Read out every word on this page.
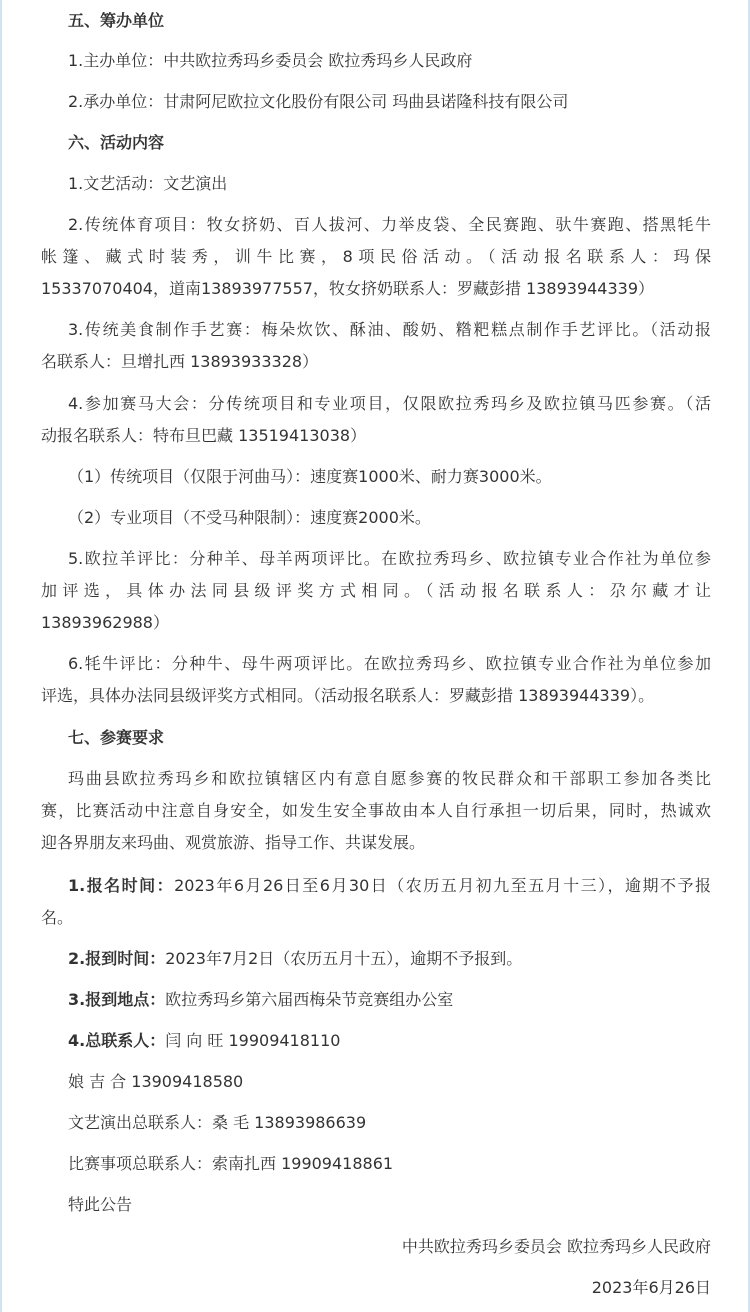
五、筹办单位
1.主办单位：中共欧拉秀玛乡委员会 欧拉秀玛乡人民政府
2.承办单位：甘肃阿尼欧拉文化股份有限公司 玛曲县诺隆科技有限公司
六、活动内容
1.文艺活动：文艺演出
2.传统体育项目：牧女挤奶、百人拔河、力举皮袋、全民赛跑、驮牛赛跑、搭黑牦牛
帐篷、藏式时装秀，训牛比赛，8项民俗活动。（活动报名联系人：玛保
15337070404，道南13893977557，牧女挤奶联系人：罗藏彭措 13893944339）
3.传统美食制作手艺赛：梅朵炊饮、酥油、酸奶、糌粑糕点制作手艺评比。（活动报
名联系人：旦增扎西 13893933328）
4.参加赛马大会：分传统项目和专业项目，仅限欧拉秀玛乡及欧拉镇马匹参赛。（活
动报名联系人：特布旦巴藏 13519413038）
（1）传统项目（仅限于河曲马）：速度赛1000米、耐力赛3000米。
（2）专业项目（不受马种限制）：速度赛2000米。
5.欧拉羊评比：分种羊、母羊两项评比。在欧拉秀玛乡、欧拉镇专业合作社为单位参
加评选，具体办法同县级评奖方式相同。（活动报名联系人：尕尔藏才让
13893962988）
6.牦牛评比：分种牛、母牛两项评比。在欧拉秀玛乡、欧拉镇专业合作社为单位参加
评选，具体办法同县级评奖方式相同。（活动报名联系人：罗藏彭措 13893944339）。
七、参赛要求
玛曲县欧拉秀玛乡和欧拉镇辖区内有意自愿参赛的牧民群众和干部职工参加各类比
赛，比赛活动中注意自身安全，如发生安全事故由本人自行承担一切后果，同时，热诚欢
迎各界朋友来玛曲、观赏旅游、指导工作、共谋发展。
1.报名时间：2023年6月26日至6月30日（农历五月初九至五月十三），逾期不予报
名。
2.报到时间：2023年7月2日（农历五月十五），逾期不予报到。
3.报到地点：欧拉秀玛乡第六届西梅朵节竞赛组办公室
4.总联系人：闫 向 旺 19909418110
娘 吉 合 13909418580
文艺演出总联系人：桑 毛 13893986639
比赛事项总联系人：索南扎西 19909418861
特此公告
中共欧拉秀玛乡委员会 欧拉秀玛乡人民政府
2023年6月26日
